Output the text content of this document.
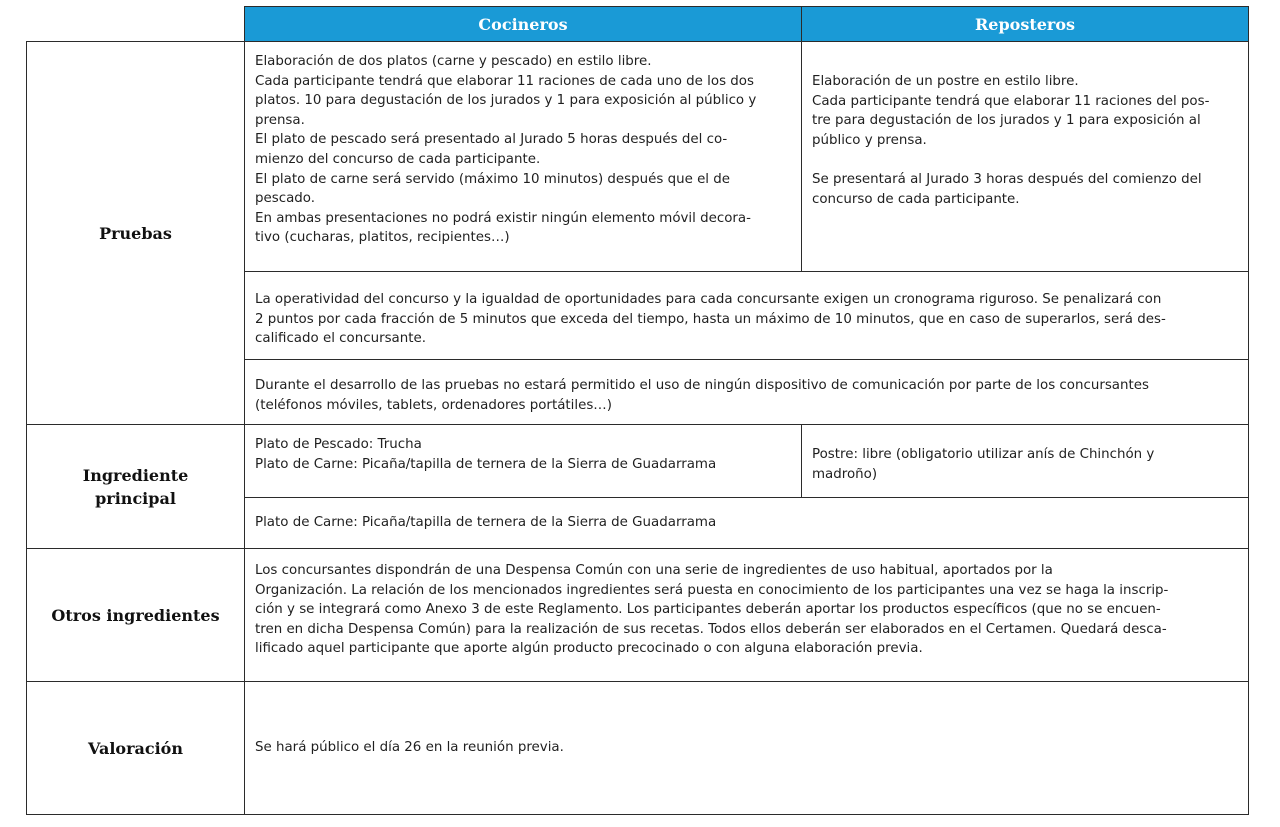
Cocineros	Reposteros
Pruebas
Ingrediente
principal
Otros ingredientes
Valoración
Elaboración de dos platos (carne y pescado) en estilo libre.
Cada participante tendrá que elaborar 11 raciones de cada uno de los dos
platos. 10 para degustación de los jurados y 1 para exposición al público y
prensa.
El plato de pescado será presentado al Jurado 5 horas después del co-
mienzo del concurso de cada participante.
El plato de carne será servido (máximo 10 minutos) después que el de
pescado.
En ambas presentaciones no podrá existir ningún elemento móvil decora-
tivo (cucharas, platitos, recipientes…)
Elaboración de un postre en estilo libre.
Cada participante tendrá que elaborar 11 raciones del pos-
tre para degustación de los jurados y 1 para exposición al
público y prensa.

Se presentará al Jurado 3 horas después del comienzo del
concurso de cada participante.
La operatividad del concurso y la igualdad de oportunidades para cada concursante exigen un cronograma riguroso. Se penalizará con
2 puntos por cada fracción de 5 minutos que exceda del tiempo, hasta un máximo de 10 minutos, que en caso de superarlos, será des-
calificado el concursante.
Durante el desarrollo de las pruebas no estará permitido el uso de ningún dispositivo de comunicación por parte de los concursantes
(teléfonos móviles, tablets, ordenadores portátiles…)
Plato de Pescado: Trucha
Plato de Carne: Picaña/tapilla de ternera de la Sierra de Guadarrama
Postre: libre (obligatorio utilizar anís de Chinchón y
madroño)
Plato de Carne: Picaña/tapilla de ternera de la Sierra de Guadarrama
Los concursantes dispondrán de una Despensa Común con una serie de ingredientes de uso habitual, aportados por la
Organización. La relación de los mencionados ingredientes será puesta en conocimiento de los participantes una vez se haga la inscrip-
ción y se integrará como Anexo 3 de este Reglamento. Los participantes deberán aportar los productos específicos (que no se encuen-
tren en dicha Despensa Común) para la realización de sus recetas. Todos ellos deberán ser elaborados en el Certamen. Quedará desca-
lificado aquel participante que aporte algún producto precocinado o con alguna elaboración previa.
Se hará público el día 26 en la reunión previa.
